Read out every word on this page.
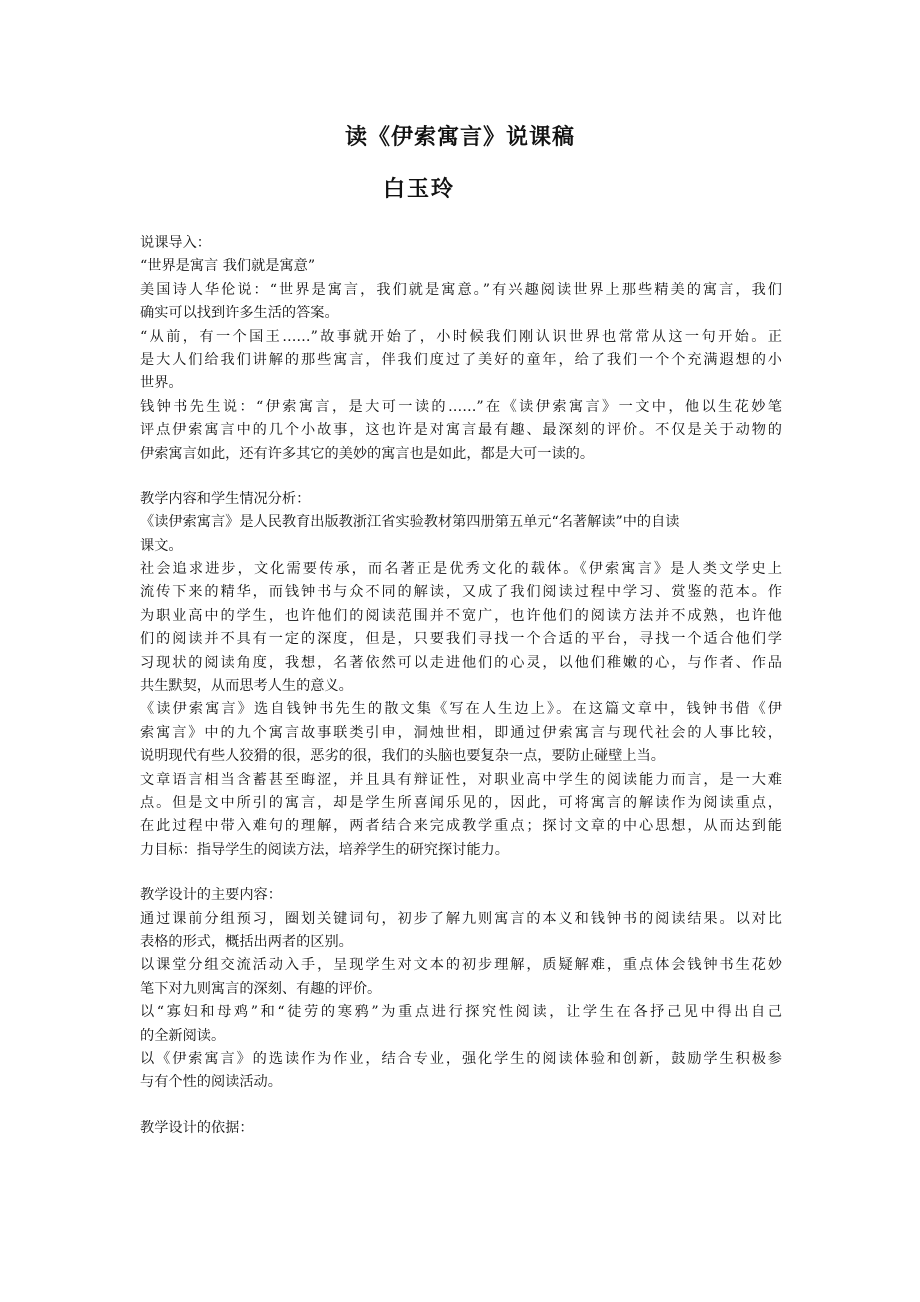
读《伊索寓言》说课稿
白玉玲
说课导入：
“世界是寓言 我们就是寓意”
美国诗人华伦说：“世界是寓言，我们就是寓意。”有兴趣阅读世界上那些精美的寓言，我们
确实可以找到许多生活的答案。
“从前，有一个国王……”故事就开始了，小时候我们刚认识世界也常常从这一句开始。正
是大人们给我们讲解的那些寓言，伴我们度过了美好的童年，给了我们一个个充满遐想的小
世界。
钱钟书先生说：“伊索寓言，是大可一读的……”在《读伊索寓言》一文中，他以生花妙笔
评点伊索寓言中的几个小故事，这也许是对寓言最有趣、最深刻的评价。不仅是关于动物的
伊索寓言如此，还有许多其它的美妙的寓言也是如此，都是大可一读的。
教学内容和学生情况分析：
《读伊索寓言》是人民教育出版教浙江省实验教材第四册第五单元“名著解读”中的自读
课文。
社会追求进步，文化需要传承，而名著正是优秀文化的载体。《伊索寓言》是人类文学史上
流传下来的精华，而钱钟书与众不同的解读，又成了我们阅读过程中学习、赏鉴的范本。作
为职业高中的学生，也许他们的阅读范围并不宽广，也许他们的阅读方法并不成熟，也许他
们的阅读并不具有一定的深度，但是，只要我们寻找一个合适的平台，寻找一个适合他们学
习现状的阅读角度，我想，名著依然可以走进他们的心灵，以他们稚嫩的心，与作者、作品
共生默契，从而思考人生的意义。
《读伊索寓言》选自钱钟书先生的散文集《写在人生边上》。在这篇文章中，钱钟书借《伊
索寓言》中的九个寓言故事联类引申，洞烛世相，即通过伊索寓言与现代社会的人事比较，
说明现代有些人狡猾的很，恶劣的很，我们的头脑也要复杂一点，要防止碰壁上当。
文章语言相当含蓄甚至晦涩，并且具有辩证性，对职业高中学生的阅读能力而言，是一大难
点。但是文中所引的寓言，却是学生所喜闻乐见的，因此，可将寓言的解读作为阅读重点，
在此过程中带入难句的理解，两者结合来完成教学重点；探讨文章的中心思想，从而达到能
力目标：指导学生的阅读方法，培养学生的研究探讨能力。
教学设计的主要内容：
通过课前分组预习，圈划关键词句，初步了解九则寓言的本义和钱钟书的阅读结果。以对比
表格的形式，概括出两者的区别。
以课堂分组交流活动入手，呈现学生对文本的初步理解，质疑解难，重点体会钱钟书生花妙
笔下对九则寓言的深刻、有趣的评价。
以“寡妇和母鸡”和“徒劳的寒鸦”为重点进行探究性阅读，让学生在各抒己见中得出自己
的全新阅读。
以《伊索寓言》的选读作为作业，结合专业，强化学生的阅读体验和创新，鼓励学生积极参
与有个性的阅读活动。
教学设计的依据：
